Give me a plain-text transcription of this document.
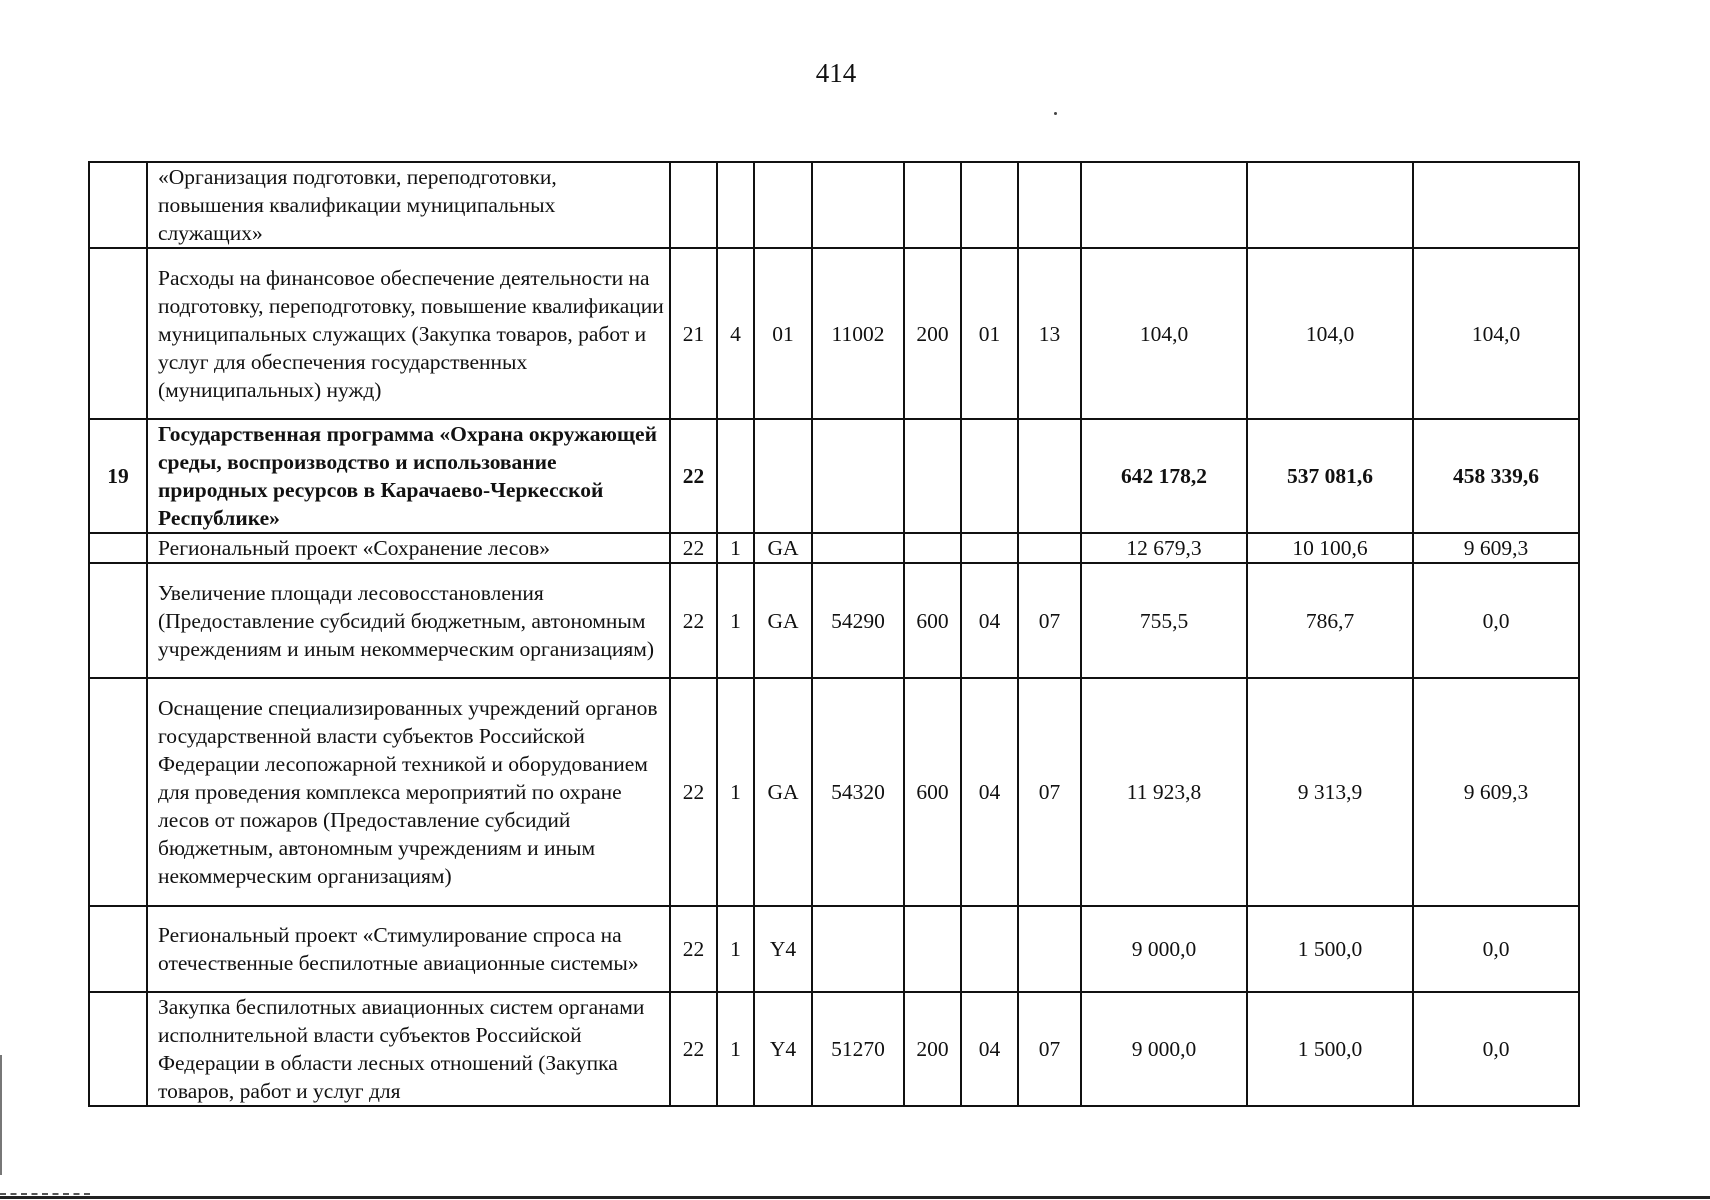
414
	«Организация подготовки, переподготовки, повышения квалификации муниципальных служащих»										
	Расходы на финансовое обеспечение деятельности на подготовку, переподготовку, повышение квалификации муниципальных служащих (Закупка товаров, работ и услуг для обеспечения государственных (муниципальных) нужд)	21	4	01	11002	200	01	13	104,0	104,0	104,0
19	Государственная программа «Охрана окружающей среды, воспроизводство и использование природных ресурсов в Карачаево-Черкесской Республике»	22							642 178,2	537 081,6	458 339,6
	Региональный проект «Сохранение лесов»	22	1	GA					12 679,3	10 100,6	9 609,3
	Увеличение площади лесовосстановления (Предоставление субсидий бюджетным, автономным учреждениям и иным некоммерческим организациям)	22	1	GA	54290	600	04	07	755,5	786,7	0,0
	Оснащение специализированных учреждений органов государственной власти субъектов Российской Федерации лесопожарной техникой и оборудованием для проведения комплекса мероприятий по охране лесов от пожаров (Предоставление субсидий бюджетным, автономным учреждениям и иным некоммерческим организациям)	22	1	GA	54320	600	04	07	11 923,8	9 313,9	9 609,3
	Региональный проект «Стимулирование спроса на отечественные беспилотные авиационные системы»	22	1	Y4					9 000,0	1 500,0	0,0
	Закупка беспилотных авиационных систем органами исполнительной власти субъектов Российской Федерации в области лесных отношений (Закупка товаров, работ и услуг для	22	1	Y4	51270	200	04	07	9 000,0	1 500,0	0,0
